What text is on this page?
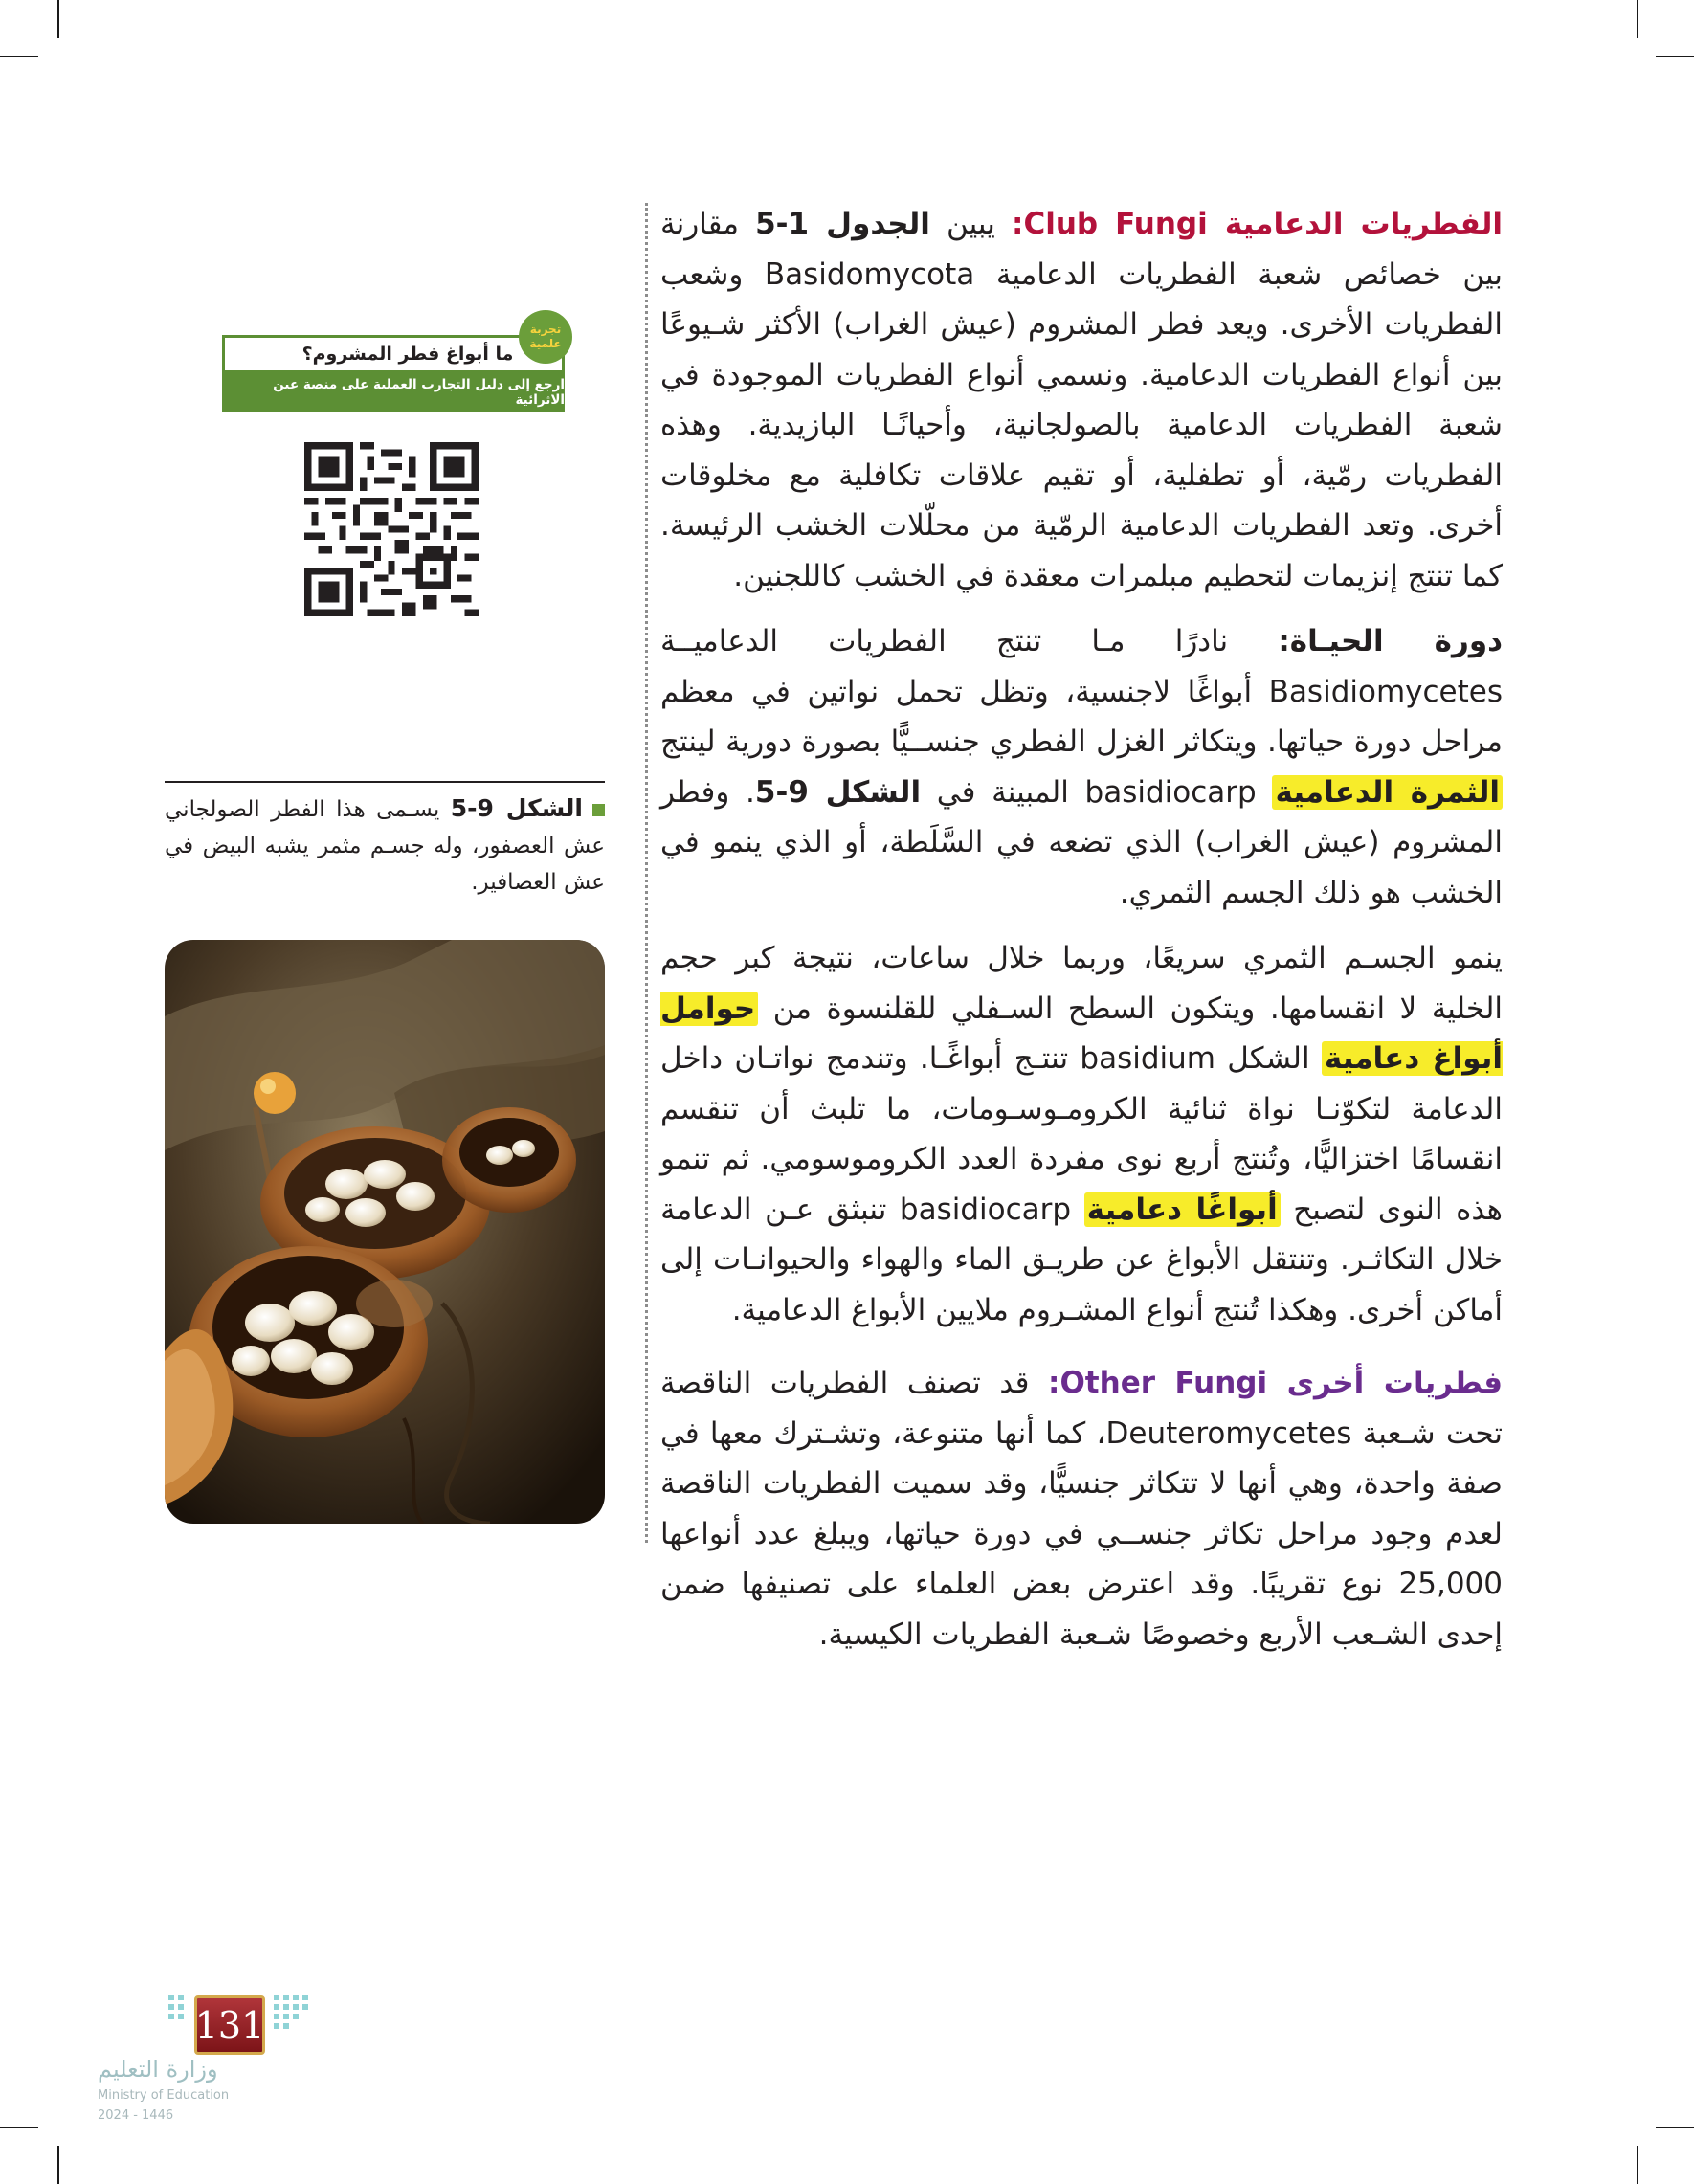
الفطريات الدعامية Club Fungi: يبين الجدول 1-5 مقارنة بين خصائص شعبة الفطريات الدعامية Basidomycota وشعب الفطريات الأخرى. ويعد فطر المشروم (عيش الغراب) الأكثر شـيوعًا بين أنواع الفطريات الدعامية. ونسمي أنواع الفطريات الموجودة في شعبة الفطريات الدعامية بالصولجانية، وأحيانًـا البازيدية. وهذه الفطريات رمّية، أو تطفلية، أو تقيم علاقات تكافلية مع مخلوقات أخرى. وتعد الفطريات الدعامية الرمّية من محلّلات الخشب الرئيسة. كما تنتج إنزيمات لتحطيم مبلمرات معقدة في الخشب كاللجنين.

دورة الحيـاة: نادرًا مـا تنتج الفطريات الدعاميــة Basidiomycetes أبواغًا لاجنسية، وتظل تحمل نواتين في معظم مراحل دورة حياتها. ويتكاثر الغزل الفطري جنســيًّا بصورة دورية لينتج الثمرة الدعامية basidiocarp المبينة في الشكل 9-5. وفطر المشروم (عيش الغراب) الذي تضعه في السَّلَطة، أو الذي ينمو في الخشب هو ذلك الجسم الثمري.

ينمو الجسـم الثمري سريعًا، وربما خلال ساعات، نتيجة كبر حجم الخلية لا انقسامها. ويتكون السطح السـفلي للقلنسوة من حوامل أبواغ دعامية الشكل basidium تنتـج أبواغًـا. وتندمج نواتـان داخل الدعامة لتكوّنـا نواة ثنائية الكرومـوسـومات، ما تلبث أن تنقسم انقسامًا اختزاليًّا، وتُنتج أربع نوى مفردة العدد الكروموسومي. ثم تنمو هذه النوى لتصبح أبواغًا دعامية basidiocarp تنبثق عـن الدعامة خلال التكاثـر. وتنتقل الأبواغ عن طريـق الماء والهواء والحيوانـات إلى أماكن أخرى. وهكذا تُنتج أنواع المشـروم ملايين الأبواغ الدعامية.

فطريات أخرى Other Fungi: قد تصنف الفطريات الناقصة تحت شـعبة Deuteromycetes، كما أنها متنوعة، وتشـترك معها في صفة واحدة، وهي أنها لا تتكاثر جنسيًّا، وقد سميت الفطريات الناقصة لعدم وجود مراحل تكاثر جنســي في دورة حياتها، ويبلغ عدد أنواعها 25,000 نوع تقريبًا. وقد اعترض بعض العلماء على تصنيفها ضمن إحدى الشـعب الأربع وخصوصًا شـعبة الفطريات الكيسية.

ما أبواغ فطر المشروم؟
ارجع إلى دليل التجارب العملية على منصة عين الاثرائية
تجربة
علمية
الشكل 9-5 يسـمى هذا الفطر الصولجاني عش العصفور، وله جسـم مثمر يشبه البيض في عش العصافير.
131
وزارة التعليم
Ministry of Education
2024 - 1446
